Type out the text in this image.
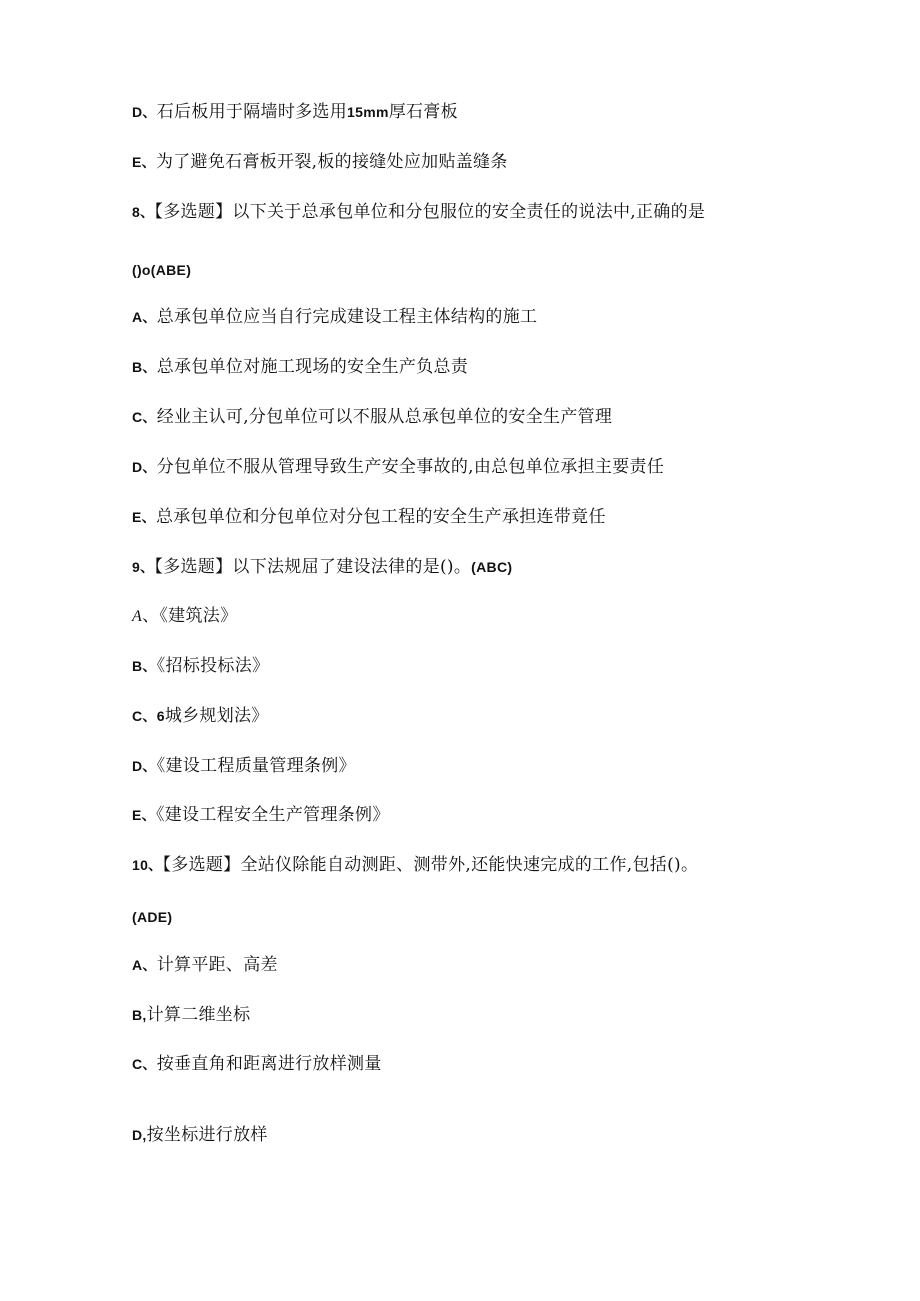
D、石后板用于隔墙时多选用15mm厚石膏板
E、为了避免石膏板开裂,板的接缝处应加贴盖缝条
8、【多选题】以下关于总承包单位和分包服位的安全责任的说法中,正确的是
()o(ABE)
A、总承包单位应当自行完成建设工程主体结构的施工
B、总承包单位对施工现场的安全生产负总责
C、经业主认可,分包单位可以不服从总承包单位的安全生产管理
D、分包单位不服从管理导致生产安全事故的,由总包单位承担主要责任
E、总承包单位和分包单位对分包工程的安全生产承担连带竟任
9、【多选题】以下法规屈了建设法律的是()。(ABC)
A、《建筑法》
B、《招标投标法》
C、6城乡规划法》
D、《建设工程质量管理条例》
E、《建设工程安全生产管理条例》
10、【多选题】全站仪除能自动测距、测带外,还能快速完成的工作,包括()。
(ADE)
A、计算平距、高差
B,计算二维坐标
C、按垂直角和距离进行放样测量
D,按坐标进行放样
